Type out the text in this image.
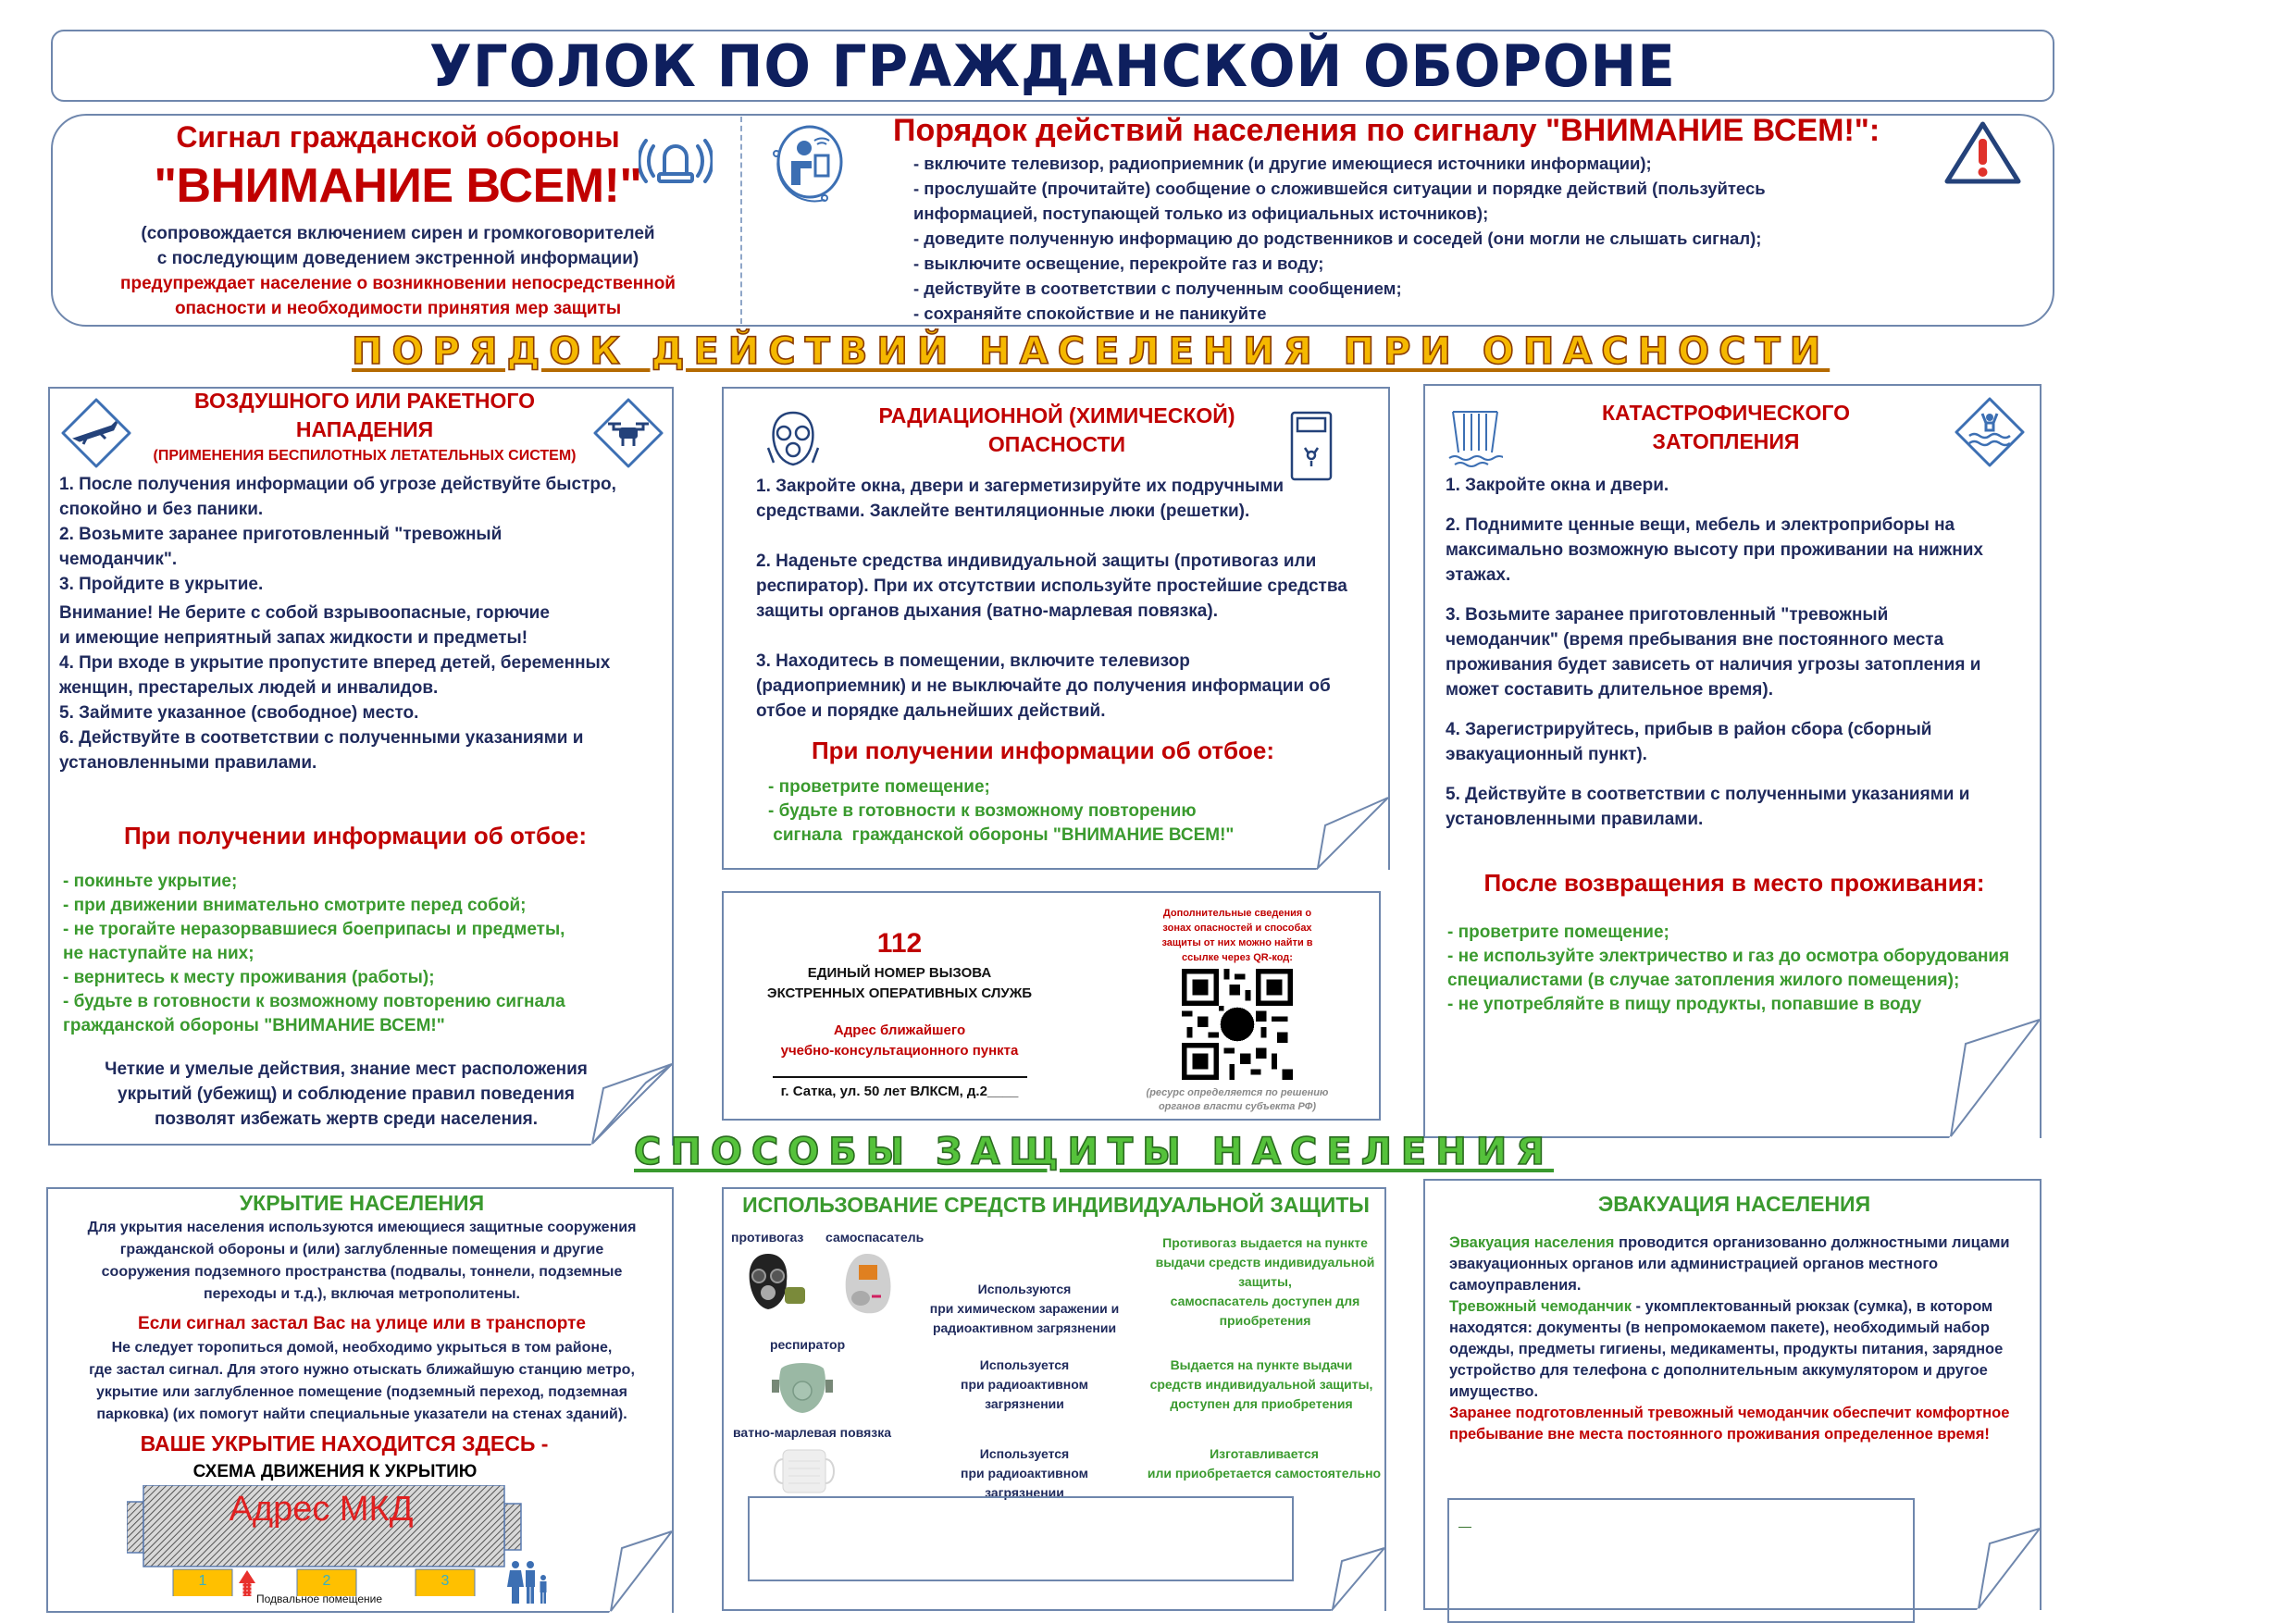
УГОЛОК ПО ГРАЖДАНСКОЙ ОБОРОНЕ
Сигнал гражданской обороны
"ВНИМАНИЕ ВСЕМ!"
(сопровождается включением сирен и громкоговорителей
с последующим доведением экстренной информации)
предупреждает население о возникновении непосредственной
опасности и необходимости принятия мер защиты
Порядок действий населения по сигналу "ВНИМАНИЕ ВСЕМ!":
- включите телевизор, радиоприемник (и другие имеющиеся источники информации);
- прослушайте (прочитайте) сообщение о сложившейся ситуации и порядке действий (пользуйтесь
информацией, поступающей только из официальных источников);
- доведите полученную информацию до родственников и соседей (они могли не слышать сигнал);
- выключите освещение, перекройте газ и воду;
- действуйте в соответствии с полученным сообщением;
- сохраняйте спокойствие и не паникуйте
ПОРЯДОК ДЕЙСТВИЙ НАСЕЛЕНИЯ ПРИ ОПАСНОСТИ
ВОЗДУШНОГО ИЛИ РАКЕТНОГО
НАПАДЕНИЯ
(ПРИМЕНЕНИЯ БЕСПИЛОТНЫХ ЛЕТАТЕЛЬНЫХ СИСТЕМ)
1. После получения информации об угрозе действуйте быстро,
спокойно и без паники.
2. Возьмите заранее приготовленный "тревожный
чемоданчик".
3. Пройдите в укрытие.
Внимание! Не берите с собой взрывоопасные, горючие
и имеющие неприятный запах жидкости и предметы!
4. При входе в укрытие пропустите вперед детей, беременных
женщин, престарелых людей и инвалидов.
5. Займите указанное (свободное) место.
6. Действуйте в соответствии с полученными указаниями и
установленными правилами.
При получении информации об отбое:
- покиньте укрытие;
- при движении внимательно смотрите перед собой;
- не трогайте неразорвавшиеся боеприпасы и предметы,
не наступайте на них;
- вернитесь к месту проживания (работы);
- будьте в готовности к возможному повторению сигнала
гражданской обороны "ВНИМАНИЕ ВСЕМ!"
Четкие и умелые действия, знание мест расположения
укрытий (убежищ) и соблюдение правил поведения
позволят избежать жертв среди населения.
РАДИАЦИОННОЙ (ХИМИЧЕСКОЙ)
ОПАСНОСТИ
1. Закройте окна, двери и загерметизируйте их подручными
средствами. Заклейте вентиляционные люки (решетки).
2. Наденьте средства индивидуальной защиты (противогаз или
респиратор). При их отсутствии используйте простейшие средства
защиты органов дыхания (ватно-марлевая повязка).
3. Находитесь в помещении, включите телевизор
(радиоприемник) и не выключайте до получения информации об
отбое и порядке дальнейших действий.
При получении информации об отбое:
- проветрите помещение;
- будьте в готовности к возможному повторению
сигнала  гражданской обороны "ВНИМАНИЕ ВСЕМ!"
112
ЕДИНЫЙ НОМЕР ВЫЗОВА
ЭКСТРЕННЫХ ОПЕРАТИВНЫХ СЛУЖБ
Адрес ближайшего
учебно-консультационного пункта
г. Сатка, ул. 50 лет ВЛКСМ, д.2____
Дополнительные сведения о
зонах опасностей и способах
защиты от них можно найти в
ссылке через QR-код:
(ресурс определяется по решению
органов власти субъекта РФ)
КАТАСТРОФИЧЕСКОГО
ЗАТОПЛЕНИЯ
1. Закройте окна и двери.
2. Поднимите ценные вещи, мебель и электроприборы на
максимально возможную высоту при проживании на нижних
этажах.
3. Возьмите заранее приготовленный "тревожный
чемоданчик" (время пребывания вне постоянного места
проживания будет зависеть от наличия угрозы затопления и
может составить длительное время).
4. Зарегистрируйтесь, прибыв в район сбора (сборный
эвакуационный пункт).
5. Действуйте в соответствии с полученными указаниями и
установленными правилами.
После возвращения в место проживания:
- проветрите помещение;
- не используйте электричество и газ до осмотра оборудования
специалистами (в случае затопления жилого помещения);
- не употребляйте в пищу продукты, попавшие в воду
СПОСОБЫ ЗАЩИТЫ НАСЕЛЕНИЯ
УКРЫТИЕ НАСЕЛЕНИЯ
Для укрытия населения используются имеющиеся защитные сооружения
гражданской обороны и (или) заглубленные помещения и другие
сооружения подземного пространства (подвалы, тоннели, подземные
переходы и т.д.), включая метрополитены.
Если сигнал застал Вас на улице или в транспорте
Не следует торопиться домой, необходимо укрыться в том районе,
где застал сигнал. Для этого нужно отыскать ближайшую станцию метро,
укрытие или заглубленное помещение (подземный переход, подземная
парковка) (их помогут найти специальные указатели на стенах зданий).
ВАШЕ УКРЫТИЕ НАХОДИТСЯ ЗДЕСЬ -
СХЕМА ДВИЖЕНИЯ К УКРЫТИЮ
Адрес МКД
1	2	3
Подвальное помещение
ИСПОЛЬЗОВАНИЕ СРЕДСТВ ИНДИВИДУАЛЬНОЙ ЗАЩИТЫ
противогаз самоспасатель
Используются
при химическом заражении и
радиоактивном загрязнении
Противогаз выдается на пункте
выдачи средств индивидуальной
защиты,
самоспасатель доступен для
приобретения
респиратор
Используется
при радиоактивном
загрязнении
Выдается на пункте выдачи
средств индивидуальной защиты,
доступен для приобретения
ватно-марлевая повязка
Используется
при радиоактивном
загрязнении
Изготавливается
или приобретается самостоятельно
ЭВАКУАЦИЯ НАСЕЛЕНИЯ
Эвакуация населения проводится организованно должностными лицами эвакуационных органов или администрацией органов местного самоуправления.
Тревожный чемоданчик - укомплектованный рюкзак (сумка), в котором находятся: документы (в непромокаемом пакете), необходимый набор одежды, предметы гигиены, медикаменты, продукты питания, зарядное устройство для телефона с дополнительным аккумулятором и другое имущество.
Заранее подготовленный тревожный чемоданчик обеспечит комфортное пребывание вне места постоянного проживания определенное время!
—
